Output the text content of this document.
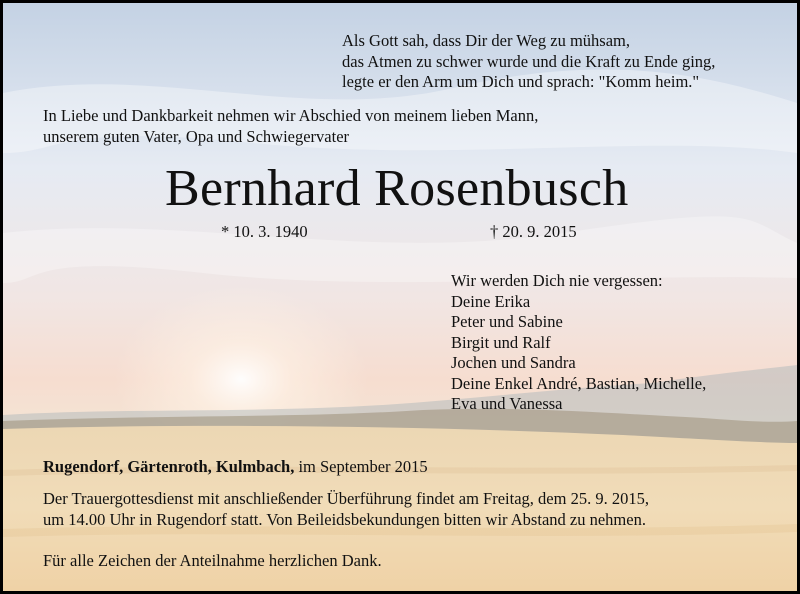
Als Gott sah, dass Dir der Weg zu mühsam,
das Atmen zu schwer wurde und die Kraft zu Ende ging,
legte er den Arm um Dich und sprach: "Komm heim."

In Liebe und Dankbarkeit nehmen wir Abschied von meinem lieben Mann,
unserem guten Vater, Opa und Schwiegervater

Bernhard Rosenbusch

* 10. 3. 1940	† 20. 9. 2015

Wir werden Dich nie vergessen:
Deine Erika
Peter und Sabine
Birgit und Ralf
Jochen und Sandra
Deine Enkel André, Bastian, Michelle,
Eva und Vanessa

Rugendorf, Gärtenroth, Kulmbach, im September 2015

Der Trauergottesdienst mit anschließender Überführung findet am Freitag, dem 25. 9. 2015,
um 14.00 Uhr in Rugendorf statt. Von Beileidsbekundungen bitten wir Abstand zu nehmen.

Für alle Zeichen der Anteilnahme herzlichen Dank.
